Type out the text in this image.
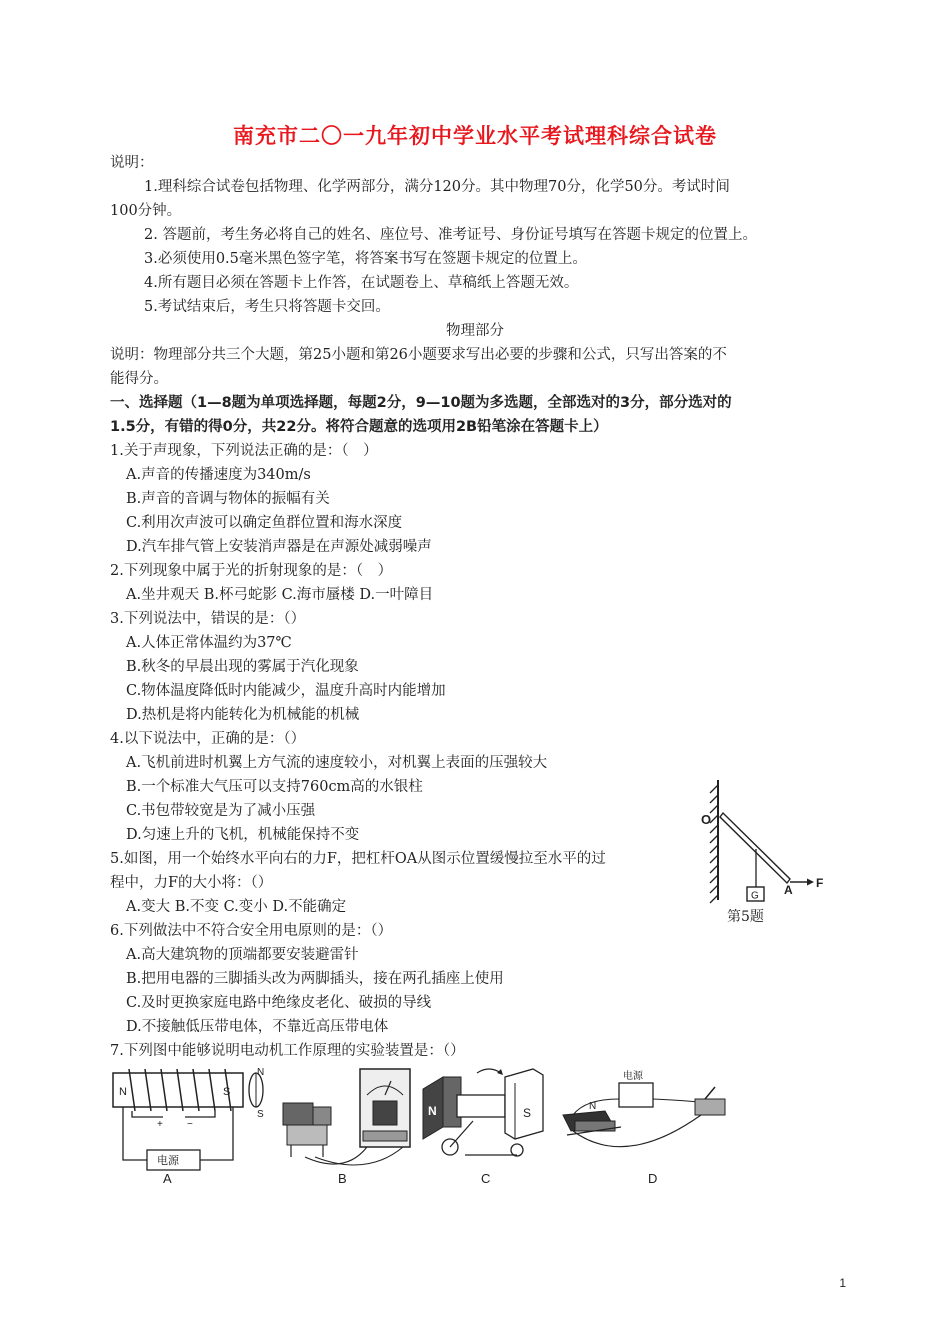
南充市二〇一九年初中学业水平考试理科综合试卷
说明：
1.理科综合试卷包括物理、化学两部分，满分120分。其中物理70分，化学50分。考试时间
100分钟。
2. 答题前，考生务必将自己的姓名、座位号、准考证号、身份证号填写在答题卡规定的位置上。
3.必须使用0.5毫米黑色签字笔，将答案书写在签题卡规定的位置上。
4.所有题目必须在答题卡上作答，在试题卷上、草稿纸上答题无效。
5.考试结束后，考生只将答题卡交回。
物理部分
说明：物理部分共三个大题，第25小题和第26小题要求写出必要的步骤和公式，只写出答案的不
能得分。
一、选择题（1—8题为单项选择题，每题2分，9—10题为多选题，全部选对的3分，部分选对的
1.5分，有错的得0分，共22分。将符合题意的选项用2B铅笔涂在答题卡上）
1.关于声现象，下列说法正确的是：（　）
A.声音的传播速度为340m/s
B.声音的音调与物体的振幅有关
C.利用次声波可以确定鱼群位置和海水深度
D.汽车排气管上安装消声器是在声源处减弱噪声
2.下列现象中属于光的折射现象的是：（　）
A.坐井观天 B.杯弓蛇影 C.海市蜃楼 D.一叶障目
3.下列说法中，错误的是：（）
A.人体正常体温约为37℃
B.秋冬的早晨出现的雾属于汽化现象
C.物体温度降低时内能减少，温度升高时内能增加
D.热机是将内能转化为机械能的机械
4.以下说法中，正确的是：（）
A.飞机前进时机翼上方气流的速度较小，对机翼上表面的压强较大
B.一个标准大气压可以支持760cm高的水银柱
C.书包带较宽是为了减小压强
D.匀速上升的飞机，机械能保持不变
5.如图，用一个始终水平向右的力F，把杠杆OA从图示位置缓慢拉至水平的过
程中，力F的大小将：（）
A.变大 B.不变 C.变小 D.不能确定
O
G A F
第5题
6.下列做法中不符合安全用电原则的是：（）
A.高大建筑物的顶端都要安装避雷针
B.把用电器的三脚插头改为两脚插头，接在两孔插座上使用
C.及时更换家庭电路中绝缘皮老化、破损的导线
D.不接触低压带电体，不靠近高压带电体
7.下列图中能够说明电动机工作原理的实验装置是：（）
N	S
N
S
+ −
电源
N	S
电源
N
A	B	C	D
1
